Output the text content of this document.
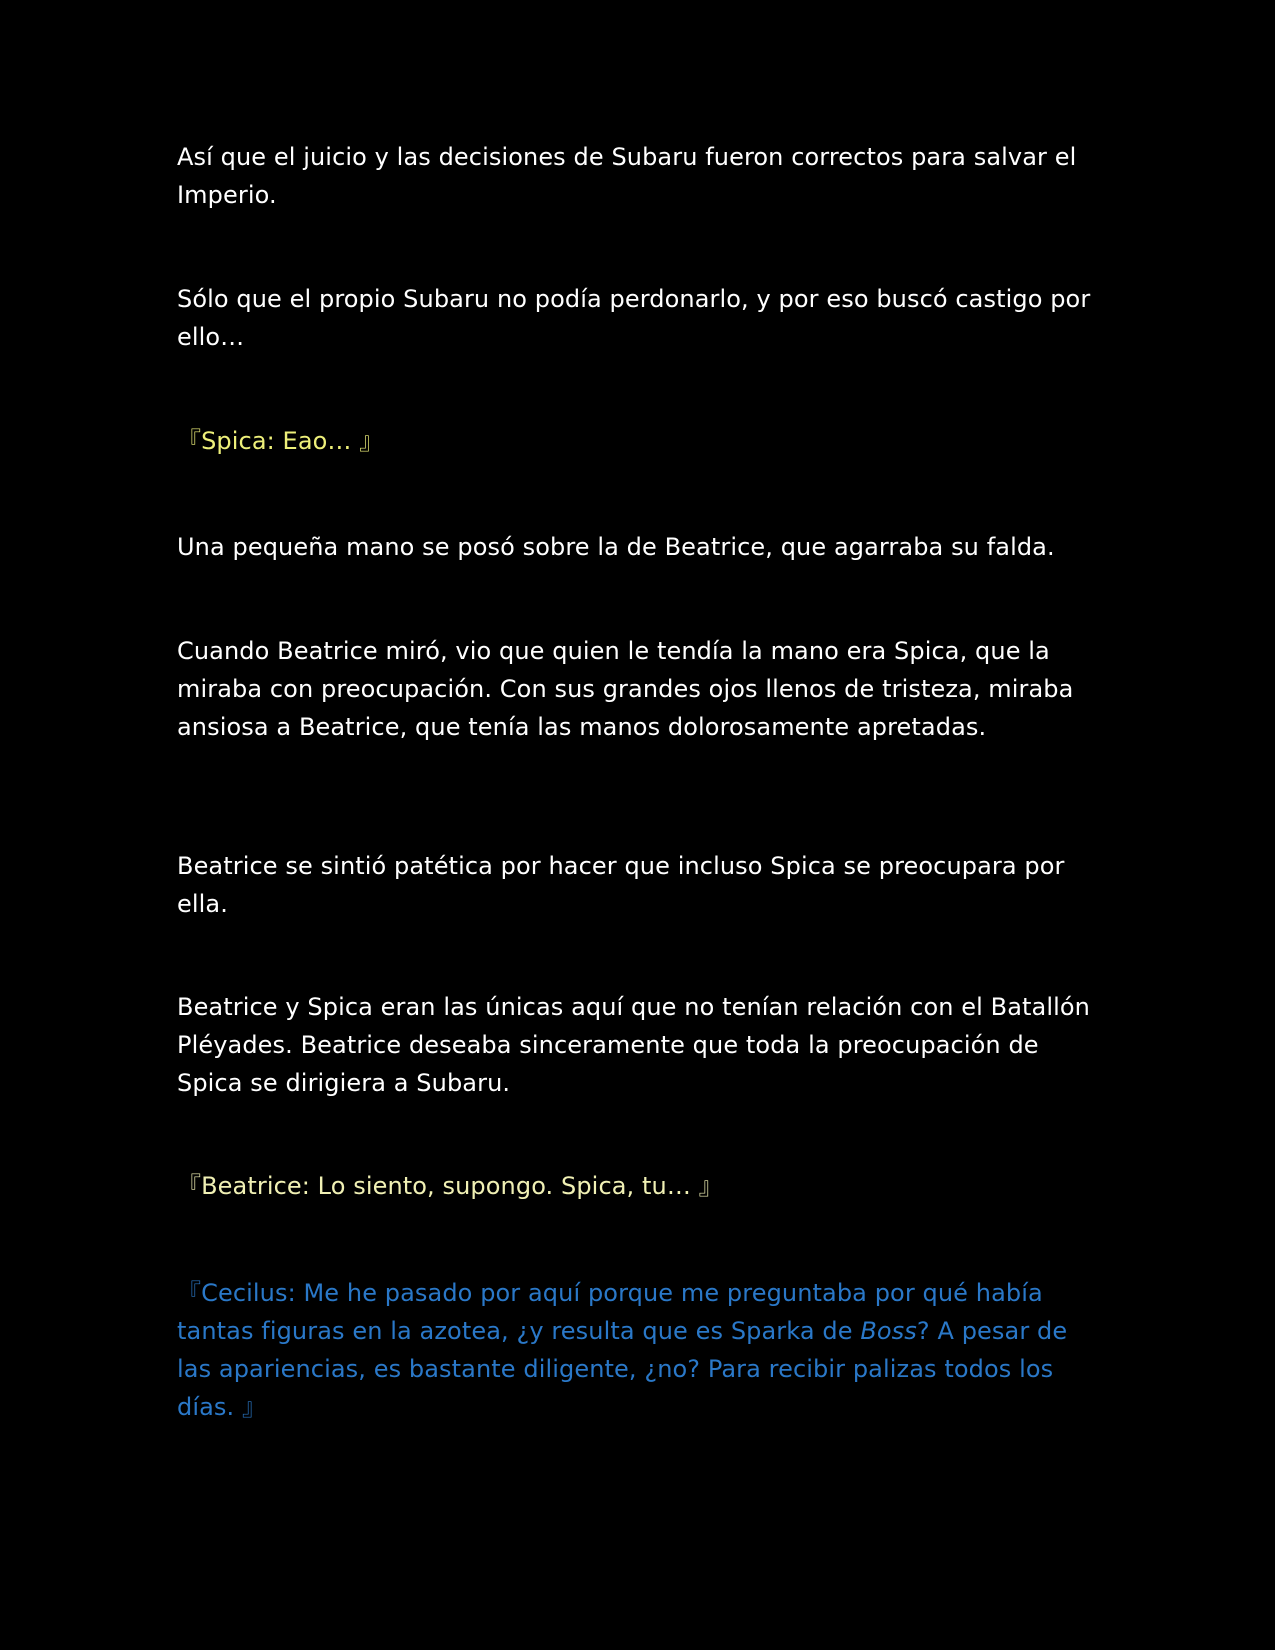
Así que el juicio y las decisiones de Subaru fueron correctos para salvar el Imperio.

Sólo que el propio Subaru no podía perdonarlo, y por eso buscó castigo por ello…

『Spica: Eao… 』

Una pequeña mano se posó sobre la de Beatrice, que agarraba su falda.

Cuando Beatrice miró, vio que quien le tendía la mano era Spica, que la miraba con preocupación. Con sus grandes ojos llenos de tristeza, miraba ansiosa a Beatrice, que tenía las manos dolorosamente apretadas.

Beatrice se sintió patética por hacer que incluso Spica se preocupara por ella.

Beatrice y Spica eran las únicas aquí que no tenían relación con el Batallón Pléyades. Beatrice deseaba sinceramente que toda la preocupación de Spica se dirigiera a Subaru.

『Beatrice: Lo siento, supongo. Spica, tu… 』

『Cecilus: Me he pasado por aquí porque me preguntaba por qué había tantas figuras en la azotea, ¿y resulta que es Sparka de Boss? A pesar de las apariencias, es bastante diligente, ¿no? Para recibir palizas todos los días. 』
